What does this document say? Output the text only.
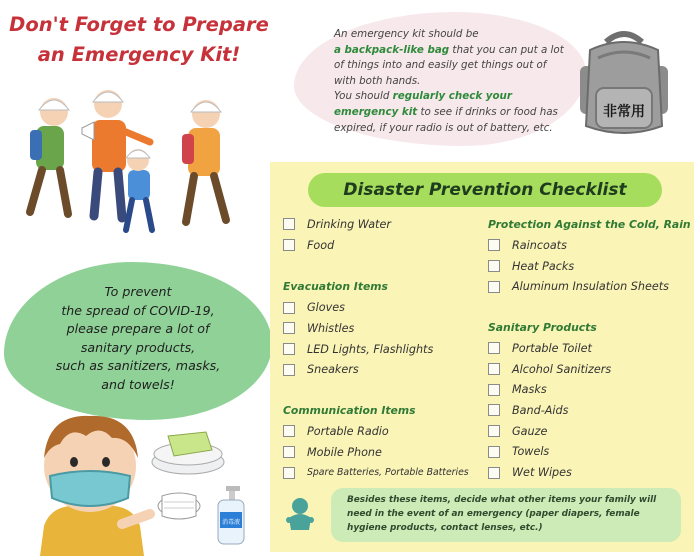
Don't Forget to Prepare
an Emergency Kit!
An emergency kit should be
a backpack-like bag that you can put a lot of things into and easily get things out of with both hands.
You should regularly check your emergency kit to see if drinks or food has expired, if your radio is out of battery, etc.
非常用
To prevent
the spread of COVID-19,
please prepare a lot of
sanitary products,
such as sanitizers, masks,
and towels!
消毒液
Disaster Prevention Checklist
Drinking Water
Food
Evacuation Items
Gloves
Whistles
LED Lights, Flashlights
Sneakers
Communication Items
Portable Radio
Mobile Phone
Spare Batteries, Portable Batteries
Protection Against the Cold, Rain
Raincoats
Heat Packs
Aluminum Insulation Sheets
Sanitary Products
Portable Toilet
Alcohol Sanitizers
Masks
Band-Aids
Gauze
Towels
Wet Wipes
Besides these items, decide what other items your family will need in the event of an emergency (paper diapers, female hygiene products, contact lenses, etc.)
